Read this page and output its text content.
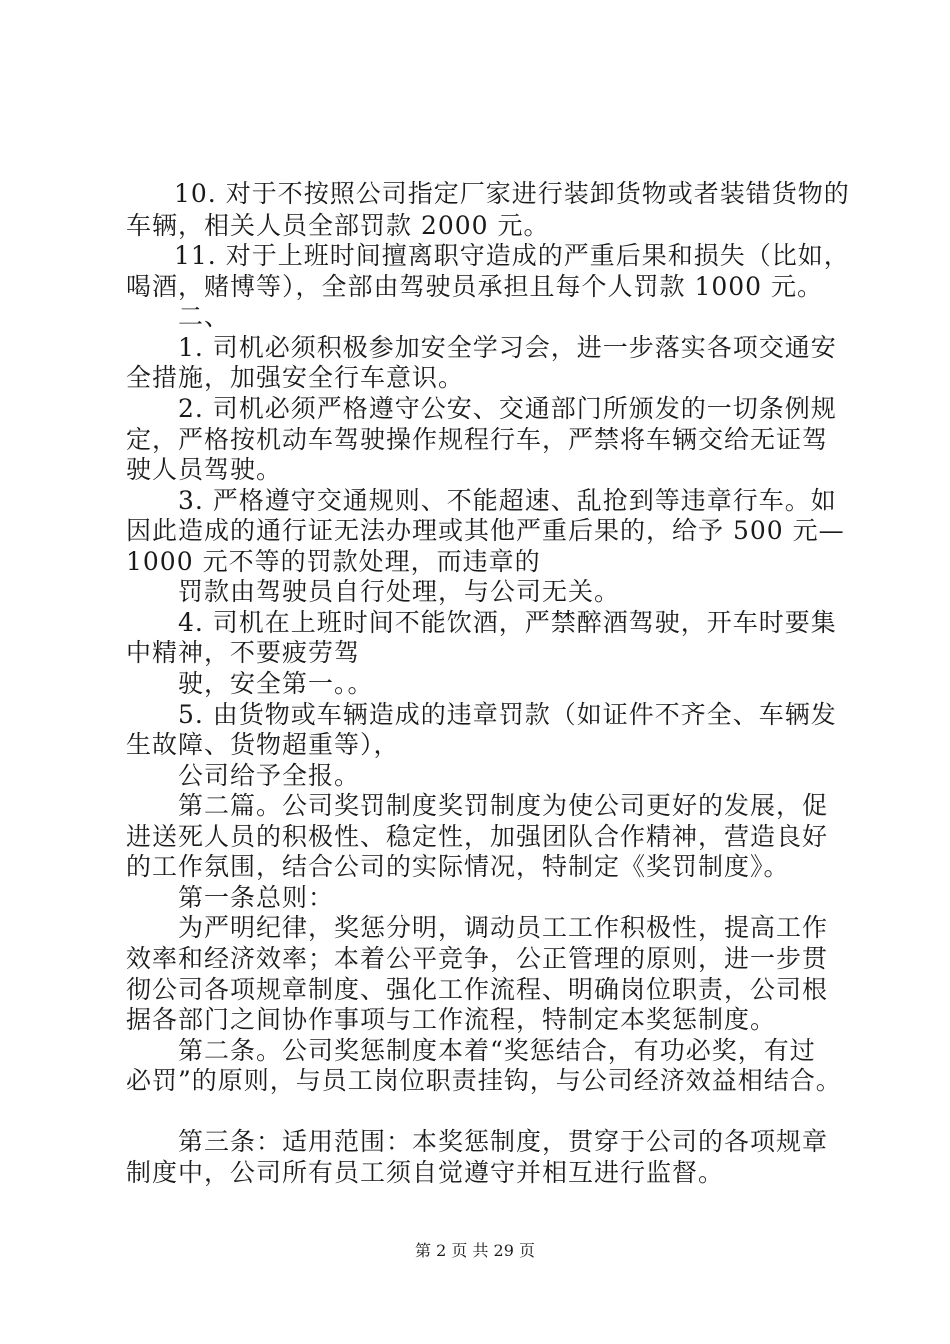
10. 对于不按照公司指定厂家进行装卸货物或者装错货物的
车辆，相关人员全部罚款 2000 元。
11. 对于上班时间擅离职守造成的严重后果和损失（比如，
喝酒，赌博等），全部由驾驶员承担且每个人罚款 1000 元。
二、
1. 司机必须积极参加安全学习会，进一步落实各项交通安
全措施，加强安全行车意识。
2. 司机必须严格遵守公安、交通部门所颁发的一切条例规
定，严格按机动车驾驶操作规程行车，严禁将车辆交给无证驾
驶人员驾驶。
3. 严格遵守交通规则、不能超速、乱抢到等违章行车。如
因此造成的通行证无法办理或其他严重后果的，给予 500 元—
1000 元不等的罚款处理，而违章的
罚款由驾驶员自行处理，与公司无关。
4. 司机在上班时间不能饮酒，严禁醉酒驾驶，开车时要集
中精神，不要疲劳驾
驶，安全第一。。
5. 由货物或车辆造成的违章罚款（如证件不齐全、车辆发
生故障、货物超重等），
公司给予全报。
第二篇。公司奖罚制度奖罚制度为使公司更好的发展，促
进送死人员的积极性、稳定性，加强团队合作精神，营造良好
的工作氛围，结合公司的实际情况，特制定《奖罚制度》。
第一条总则：
为严明纪律，奖惩分明，调动员工工作积极性，提高工作
效率和经济效率；本着公平竞争，公正管理的原则，进一步贯
彻公司各项规章制度、强化工作流程、明确岗位职责，公司根
据各部门之间协作事项与工作流程，特制定本奖惩制度。
第二条。公司奖惩制度本着“奖惩结合，有功必奖，有过
必罚”的原则，与员工岗位职责挂钩，与公司经济效益相结合。
第三条：适用范围：本奖惩制度，贯穿于公司的各项规章
制度中，公司所有员工须自觉遵守并相互进行监督。
第 2 页 共 29 页
